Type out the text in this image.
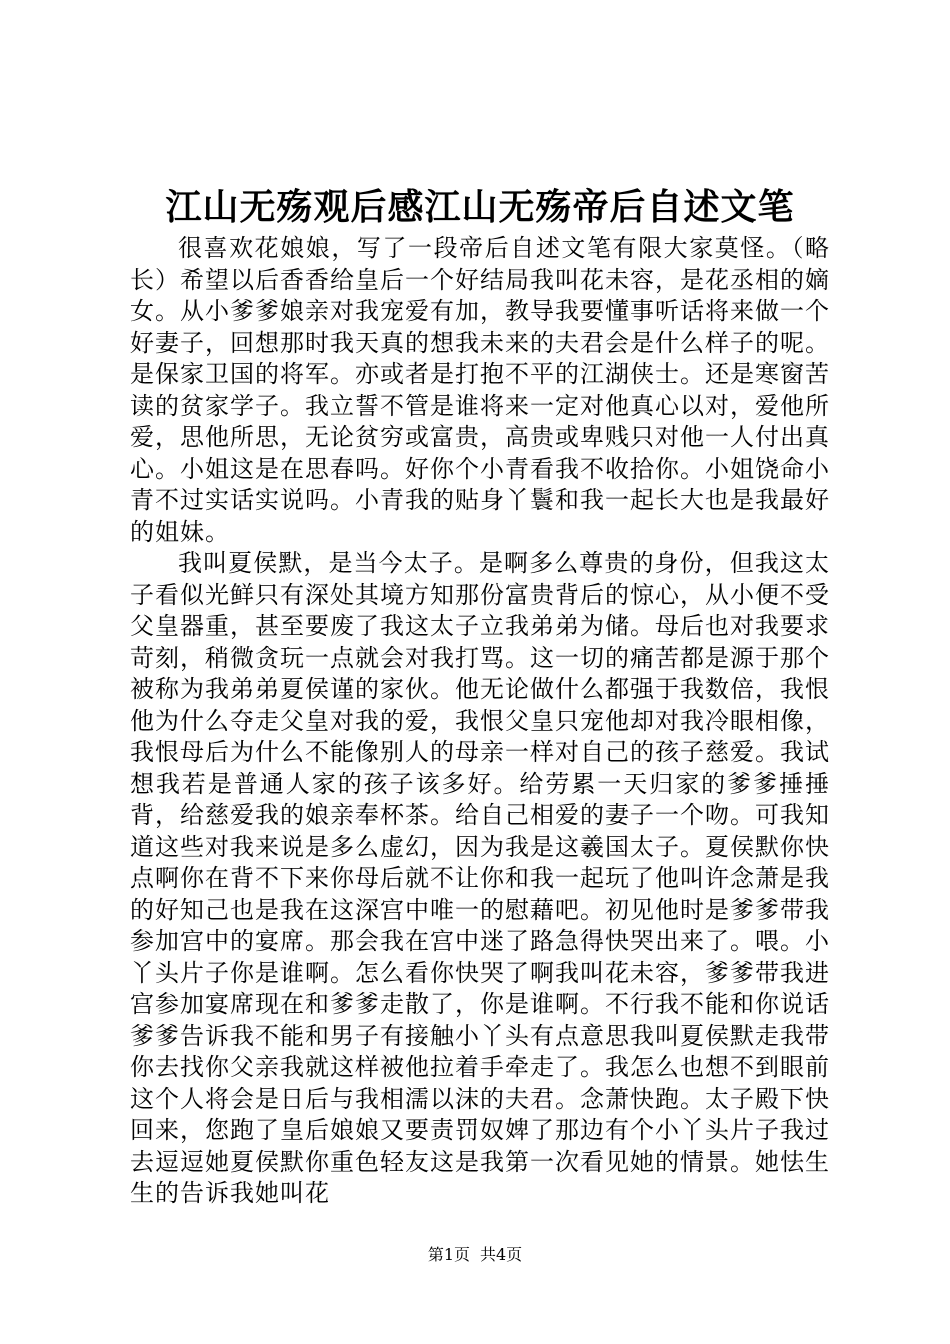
江山无殇观后感江山无殇帝后自述文笔

很喜欢花娘娘，写了一段帝后自述文笔有限大家莫怪。（略长）希望以后香香给皇后一个好结局我叫花未容，是花丞相的嫡女。从小爹爹娘亲对我宠爱有加，教导我要懂事听话将来做一个好妻子，回想那时我天真的想我未来的夫君会是什么样子的呢。是保家卫国的将军。亦或者是打抱不平的江湖侠士。还是寒窗苦读的贫家学子。我立誓不管是谁将来一定对他真心以对，爱他所爱，思他所思，无论贫穷或富贵，高贵或卑贱只对他一人付出真心。小姐这是在思春吗。好你个小青看我不收拾你。小姐饶命小青不过实话实说吗。小青我的贴身丫鬟和我一起长大也是我最好的姐妹。

我叫夏侯默，是当今太子。是啊多么尊贵的身份，但我这太子看似光鲜只有深处其境方知那份富贵背后的惊心，从小便不受父皇器重，甚至要废了我这太子立我弟弟为储。母后也对我要求苛刻，稍微贪玩一点就会对我打骂。这一切的痛苦都是源于那个被称为我弟弟夏侯谨的家伙。他无论做什么都强于我数倍，我恨他为什么夺走父皇对我的爱，我恨父皇只宠他却对我冷眼相像，我恨母后为什么不能像别人的母亲一样对自己的孩子慈爱。我试想我若是普通人家的孩子该多好。给劳累一天归家的爹爹捶捶背，给慈爱我的娘亲奉杯茶。给自己相爱的妻子一个吻。可我知道这些对我来说是多么虚幻，因为我是这羲国太子。夏侯默你快点啊你在背不下来你母后就不让你和我一起玩了他叫许念萧是我的好知己也是我在这深宫中唯一的慰藉吧。初见他时是爹爹带我参加宫中的宴席。那会我在宫中迷了路急得快哭出来了。喂。小丫头片子你是谁啊。怎么看你快哭了啊我叫花未容，爹爹带我进宫参加宴席现在和爹爹走散了，你是谁啊。不行我不能和你说话爹爹告诉我不能和男子有接触小丫头有点意思我叫夏侯默走我带你去找你父亲我就这样被他拉着手牵走了。我怎么也想不到眼前这个人将会是日后与我相濡以沫的夫君。念萧快跑。太子殿下快回来，您跑了皇后娘娘又要责罚奴婢了那边有个小丫头片子我过去逗逗她夏侯默你重色轻友这是我第一次看见她的情景。她怯生生的告诉我她叫花

第1页 共4页
